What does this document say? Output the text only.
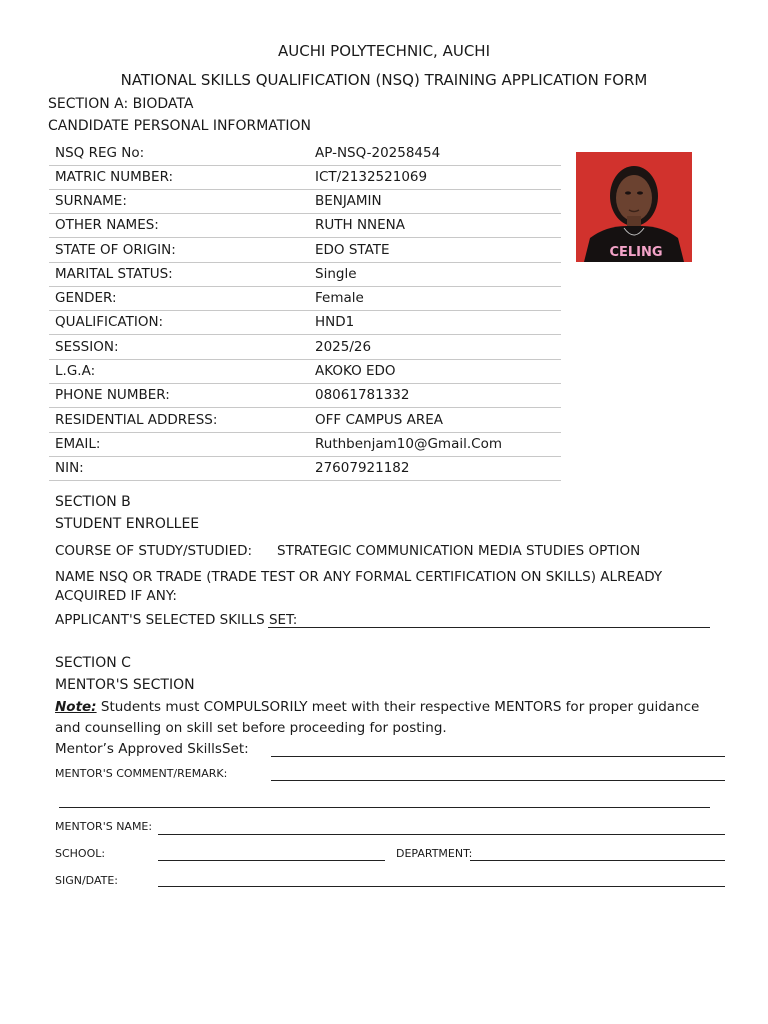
AUCHI POLYTECHNIC, AUCHI
NATIONAL SKILLS QUALIFICATION (NSQ) TRAINING APPLICATION FORM
SECTION A: BIODATA
CANDIDATE PERSONAL INFORMATION
NSQ REG No:	AP-NSQ-20258454
MATRIC NUMBER:	ICT/2132521069
SURNAME:	BENJAMIN
OTHER NAMES:	RUTH NNENA
STATE OF ORIGIN:	EDO STATE
MARITAL STATUS:	Single
GENDER:	Female
QUALIFICATION:	HND1
SESSION:	2025/26
L.G.A:	AKOKO EDO
PHONE NUMBER:	08061781332
RESIDENTIAL ADDRESS:	OFF CAMPUS AREA
EMAIL:	Ruthbenjam10@Gmail.Com
NIN:	27607921182
CELING
SECTION B
STUDENT ENROLLEE
COURSE OF STUDY/STUDIED: STRATEGIC COMMUNICATION MEDIA STUDIES OPTION
NAME NSQ OR TRADE (TRADE TEST OR ANY FORMAL CERTIFICATION ON SKILLS) ALREADY
ACQUIRED IF ANY:
APPLICANT'S SELECTED SKILLS SET:
SECTION C
MENTOR'S SECTION
Note: Students must COMPULSORILY meet with their respective MENTORS for proper guidance and counselling on skill set before proceeding for posting.
Mentor’s Approved SkillsSet:
MENTOR'S COMMENT/REMARK:
MENTOR'S NAME:
SCHOOL:	DEPARTMENT:
SIGN/DATE:
